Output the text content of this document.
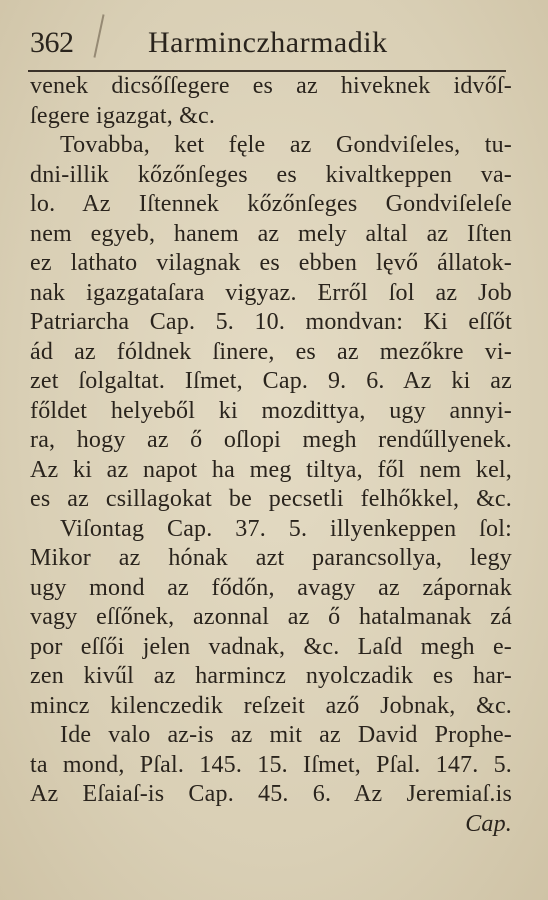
362 Harminczharmadik
venek dicsőſſegere es az hiveknek idvőſ-
ſegere igazgat, &c.
Tovabba, ket fęle az Gondviſeles, tu-
dni-illik kőzőnſeges es kivaltkeppen va-
lo. Az Iſtennek kőzőnſeges Gondviſeleſe
nem egyeb, hanem az mely altal az Iſten
ez lathato vilagnak es ebben lęvő állatok-
nak igazgataſara vigyaz. Erről ſol az Job
Patriarcha Cap. 5. 10. mondvan: Ki eſſőt
ád az fóldnek ſinere, es az mezőkre vi-
zet ſolgaltat. Iſmet, Cap. 9. 6. Az ki az
főldet helyeből ki mozdittya, ugy annyi-
ra, hogy az ő oſlopi megh rendűllyenek.
Az ki az napot ha meg tiltya, fől nem kel,
es az csillagokat be pecsetli felhőkkel, &c.
Viſontag Cap. 37. 5. illyenkeppen ſol:
Mikor az hónak azt parancsollya, legy
ugy mond az fődőn, avagy az zápornak
vagy eſſőnek, azonnal az ő hatalmanak zá
por eſſői jelen vadnak, &c. Laſd megh e-
zen kivűl az harmincz nyolczadik es har-
mincz kilenczedik reſzeit aző Jobnak, &c.
Ide valo az-is az mit az David Prophe-
ta mond, Pſal. 145. 15. Iſmet, Pſal. 147. 5.
Az Eſaiaſ-is Cap. 45. 6. Az Jeremiaſ.is
Cap.
